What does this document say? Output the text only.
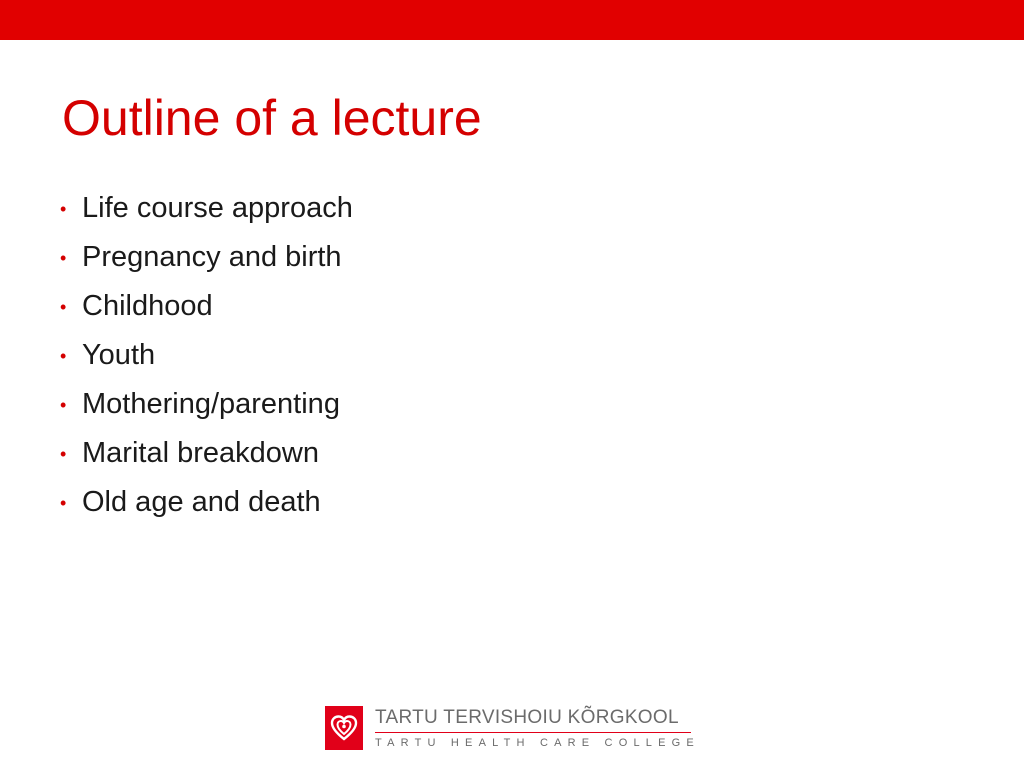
Outline of a lecture
• Life course approach
• Pregnancy and birth
• Childhood
• Youth
• Mothering/parenting
• Marital breakdown
• Old age and death
TARTU TERVISHOIU KÕRGKOOL
TARTU HEALTH CARE COLLEGE
